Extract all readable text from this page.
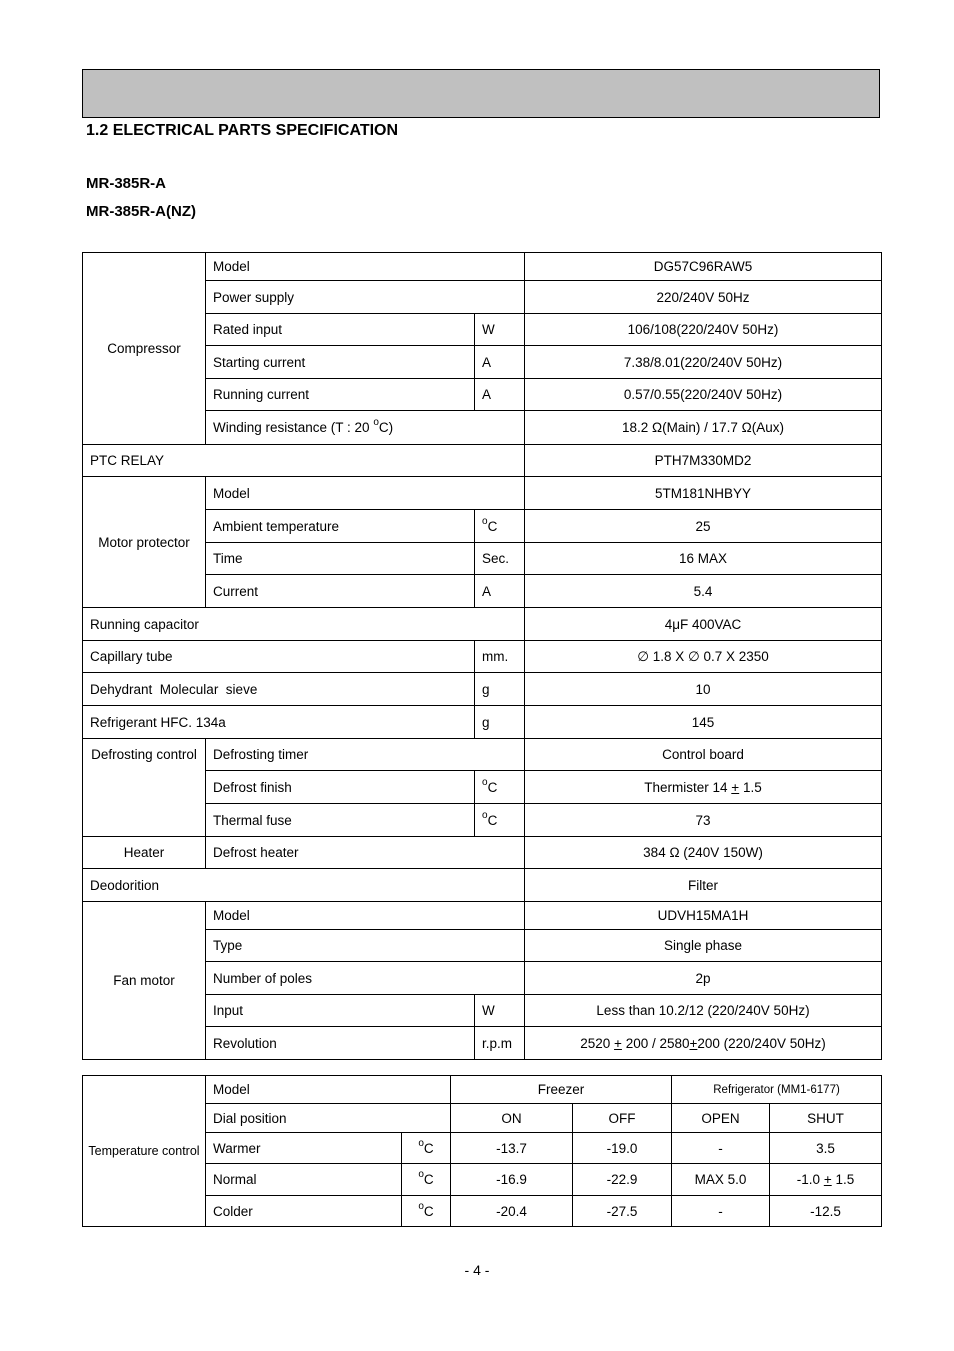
1.2 ELECTRICAL PARTS SPECIFICATION
MR-385R-A
MR-385R-A(NZ)
Compressor	Model		DG57C96RAW5
	Power supply		220/240V 50Hz
	Rated input	W	106/108(220/240V 50Hz)
	Starting current	A	7.38/8.01(220/240V 50Hz)
	Running current	A	0.57/0.55(220/240V 50Hz)
	Winding resistance (T : 20 $^o$C)		18.2 Ω(Main) / 17.7 Ω(Aux)
PTC RELAY			PTH7M330MD2
Motor protector	Model		5TM181NHBYY
	Ambient temperature	$^o$C	25
	Time	Sec.	16 MAX
	Current	A	5.4
Running capacitor			4μF 400VAC
Capillary tube		mm.	∅ 1.8 X ∅ 0.7 X 2350
Dehydrant  Molecular  sieve		g	10
Refrigerant HFC. 134a		g	145
Defrosting control	Defrosting timer		Control board
	Defrost finish	$^o$C	Thermister 14 + 1.5
	Thermal fuse	$^o$C	73
Heater	Defrost heater		384 Ω (240V 150W)
Deodorition			Filter
Fan motor	Model		UDVH15MA1H
	Type		Single phase
	Number of poles		2p
	Input	W	Less than 10.2/12 (220/240V 50Hz)
	Revolution	r.p.m	2520 + 200 / 2580+200 (220/240V 50Hz)
Temperature control	Model		Freezer		Refrigerator (MM1-6177)	
	Dial position		ON	OFF	OPEN	SHUT
	Warmer	$^o$C	-13.7	-19.0	-	3.5
	Normal	$^o$C	-16.9	-22.9	MAX 5.0	-1.0 + 1.5
	Colder	$^o$C	-20.4	-27.5	-	-12.5
- 4 -
